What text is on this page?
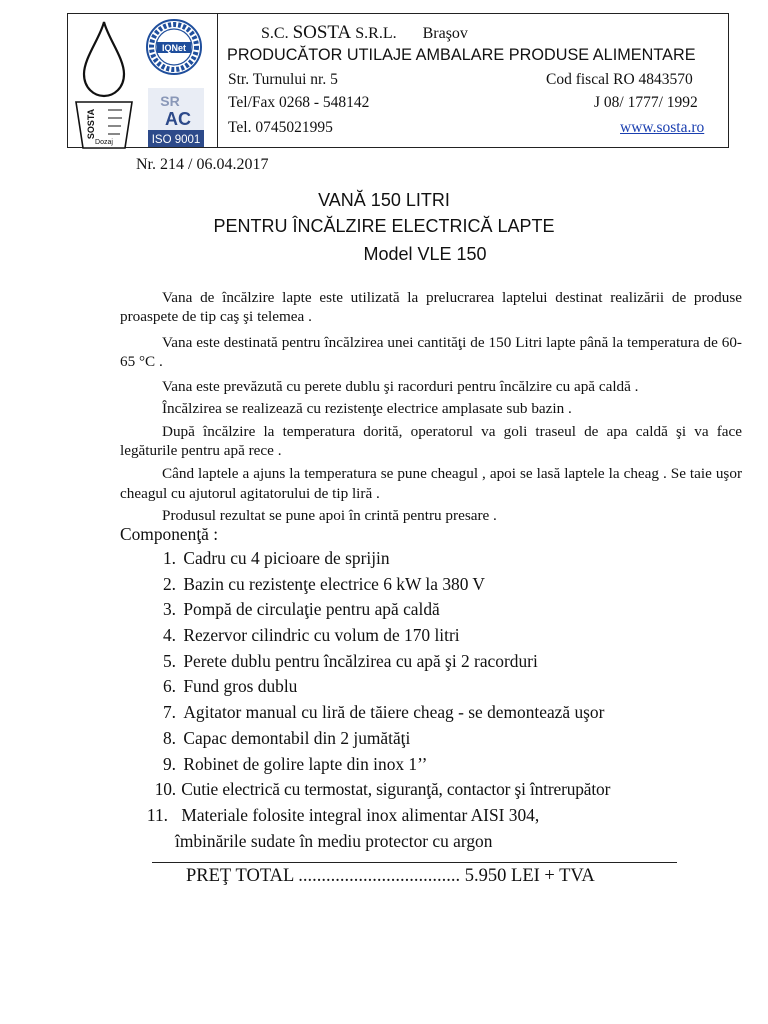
SOSTA
Dozaj
IQNet
SR
AC
ISO 9001
S.C. SOSTA S.R.L. Braşov
PRODUCĂTOR UTILAJE AMBALARE PRODUSE ALIMENTARE
Str. Turnului nr. 5	Cod fiscal RO 4843570
Tel/Fax 0268 - 548142	J 08/ 1777/ 1992
Tel. 0745021995	www.sosta.ro
Nr. 214 / 06.04.2017
VANĂ 150 LITRI
PENTRU ÎNCĂLZIRE ELECTRICĂ LAPTE
Model VLE 150

Vana de încălzire lapte este utilizată la prelucrarea laptelui destinat realizării de produse proaspete de tip caş şi telemea .

Vana este destinată pentru încălzirea unei cantităţi de 150 Litri lapte până la temperatura de 60-65 °C .

Vana este prevăzută cu perete dublu şi racorduri pentru încălzire cu apă caldă .

Încălzirea se realizează cu rezistenţe electrice amplasate sub bazin .

După încălzire la temperatura dorită, operatorul va goli traseul de apa caldă şi va face legăturile pentru apă rece .

Când laptele a ajuns la temperatura se pune cheagul , apoi se lasă laptele la cheag . Se taie uşor cheagul cu ajutorul agitatorului de tip liră .

Produsul rezultat se pune apoi în crintă pentru presare .

Componenţă :
1. Cadru cu 4 picioare de sprijin
2. Bazin cu rezistenţe electrice 6 kW la 380 V
3. Pompă de circulaţie pentru apă caldă
4. Rezervor cilindric cu volum de 170 litri
5. Perete dublu pentru încălzirea cu apă şi 2 racorduri
6. Fund gros dublu
7. Agitator manual cu liră de tăiere cheag - se demontează uşor
8. Capac demontabil din 2 jumătăţi
9. Robinet de golire lapte din inox 1’’
10. Cutie electrică cu termostat, siguranţă, contactor şi întrerupător
11. Materiale folosite integral inox alimentar AISI 304,
îmbinările sudate în mediu protector cu argon
PREŢ TOTAL ................................... 5.950 LEI + TVA
